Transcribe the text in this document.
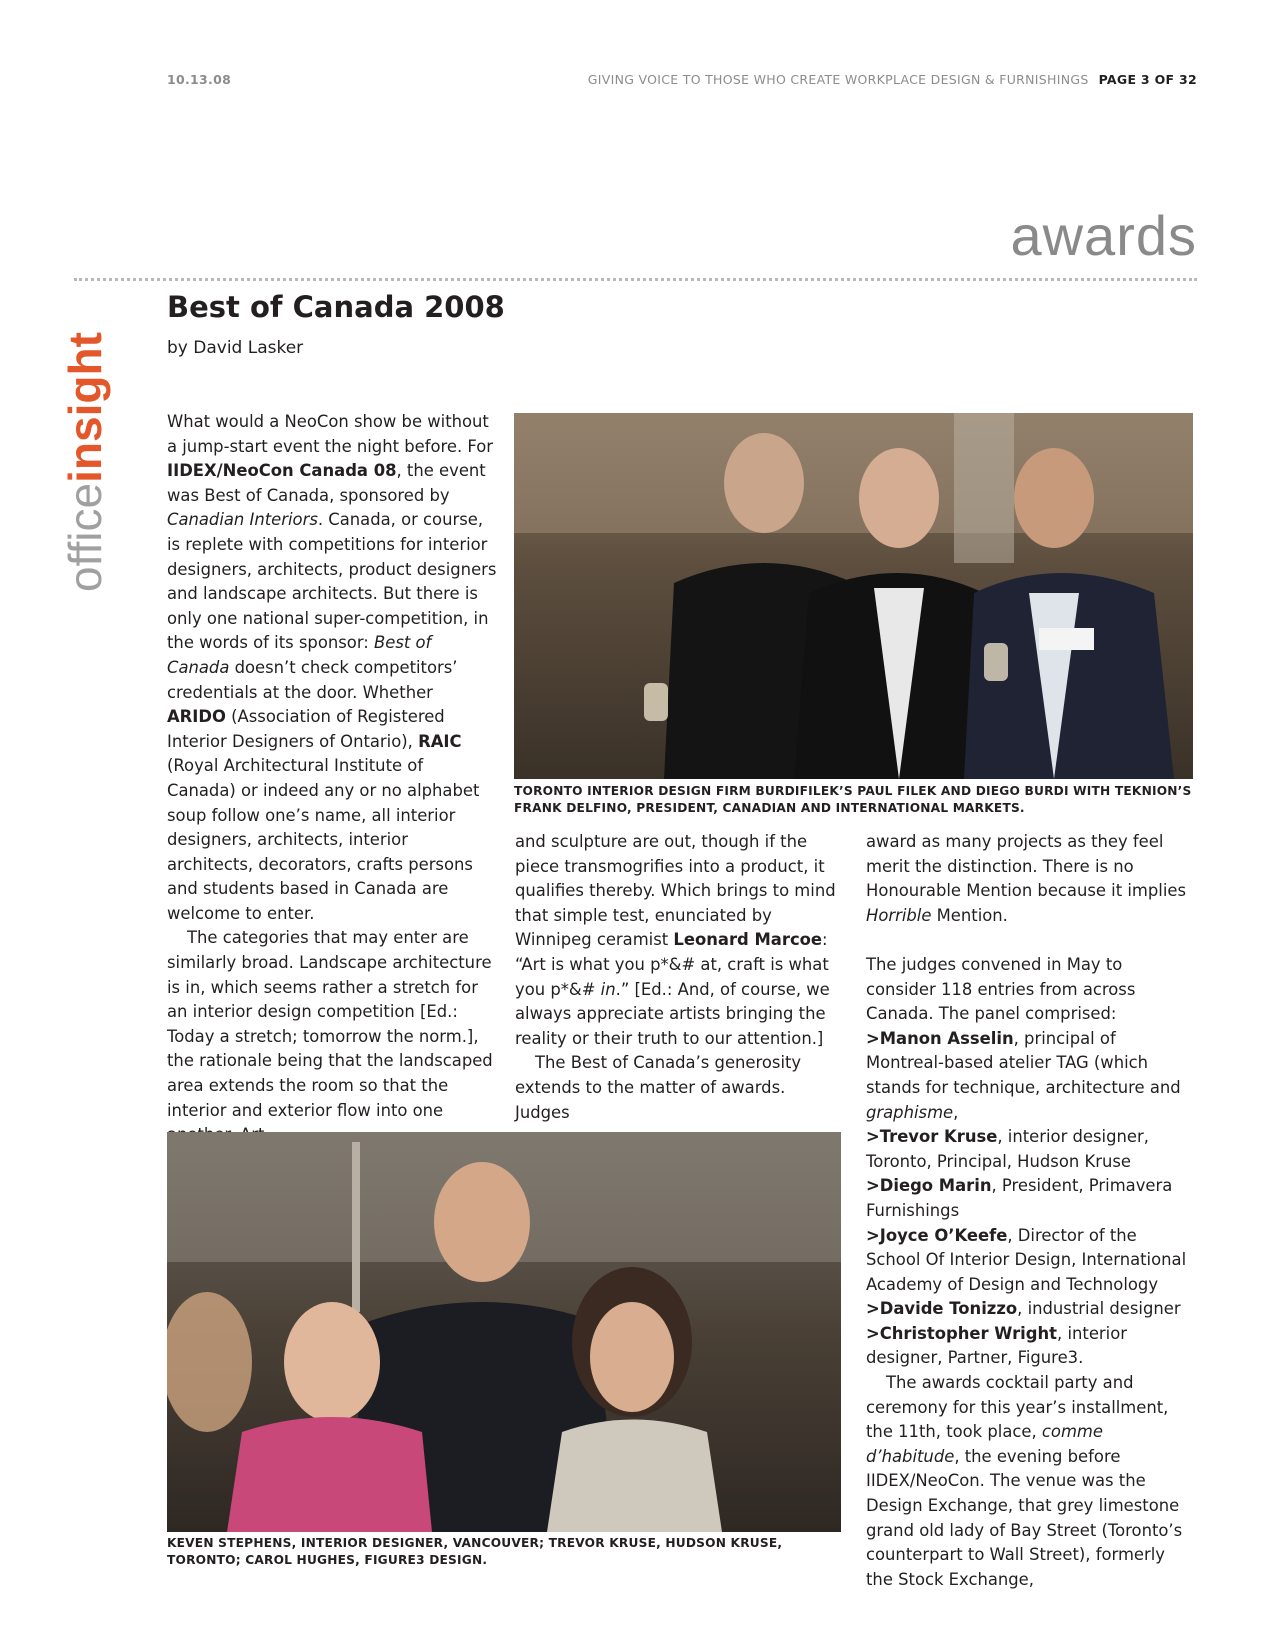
10.13.08	GIVING VOICE TO THOSE WHO CREATE WORKPLACE DESIGN & FURNISHINGS PAGE 3 OF 32
awards
officeinsight
Best of Canada 2008
by David Lasker

What would a NeoCon show be without a jump-start event the night before. For IIDEX/NeoCon Canada 08, the event was Best of Canada, sponsored by Canadian Interiors. Canada, or course, is replete with competitions for interior designers, architects, product designers and landscape architects. But there is only one national super-competition, in the words of its sponsor: Best of Canada doesn’t check competitors’ credentials at the door. Whether ARIDO (Association of Registered Interior Designers of Ontario), RAIC (Royal Architectural Institute of Canada) or indeed any or no alphabet soup follow one’s name, all interior designers, architects, interior architects, decorators, crafts persons and students based in Canada are welcome to enter.

The categories that may enter are similarly broad. Landscape architecture is in, which seems rather a stretch for an interior design competition [Ed.: Today a stretch; tomorrow the norm.], the rationale being that the landscaped area extends the room so that the interior and exterior flow into one

TORONTO INTERIOR DESIGN FIRM BURDIFILEK’S PAUL FILEK AND DIEGO BURDI WITH TEKNION’S FRANK DELFINO, PRESIDENT, CANADIAN AND INTERNATIONAL MARKETS.

and sculpture are out, though if the piece transmogrifies into a product, it qualifies thereby. Which brings to mind that simple test, enunciated by Winnipeg ceramist Leonard Marcoe: “Art is what you p*&# at, craft is what you p*&# in.” [Ed.: And, of course, we always appreciate artists bringing the reality or their truth to our attention.]

The Best of Canada’s generosity extends to the matter of awards. Judges

award as many projects as they feel merit the distinction. There is no Honourable Mention because it implies Horrible Mention.

The judges convened in May to consider 118 entries from across Canada. The panel comprised:

>Manon Asselin, principal of Montreal-based atelier TAG (which stands for technique, architecture and graphisme,

>Trevor Kruse, interior designer, Toronto, Principal, Hudson Kruse

>Diego Marin, President, Primavera Furnishings

>Joyce O’Keefe, Director of the School Of Interior Design, International Academy of Design and Technology

>Davide Tonizzo, industrial designer

>Christopher Wright, interior designer, Partner, Figure3.

The awards cocktail party and ceremony for this year’s installment, the 11th, took place, comme d’habitude, the evening before IIDEX/NeoCon. The venue was the Design Exchange, that grey limestone grand old lady of Bay Street (Toronto’s counterpart to Wall Street), formerly the Stock Exchange,

KEVEN STEPHENS, INTERIOR DESIGNER, VANCOUVER; TREVOR KRUSE, HUDSON KRUSE, TORONTO; CAROL HUGHES, FIGURE3 DESIGN.
